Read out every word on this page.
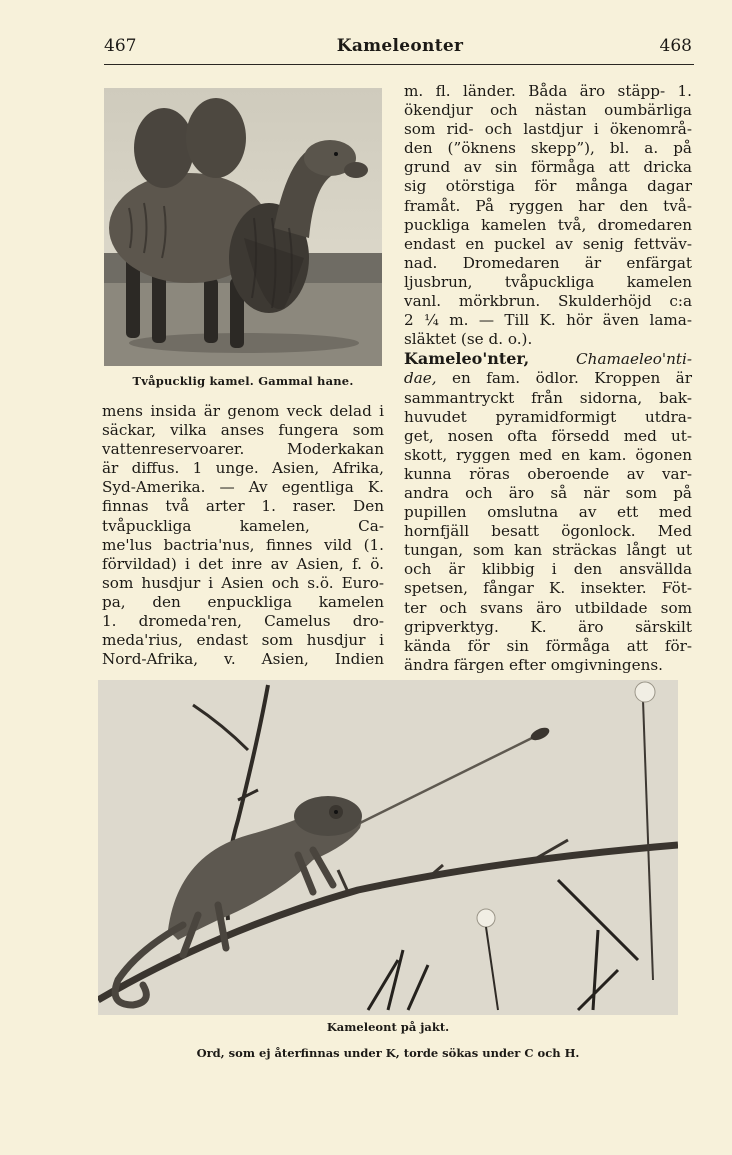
467	Kameleonter	468
Tvåpucklig kamel. Gammal hane.
mens insida är genom veck delad i
säckar, vilka anses fungera som
vattenreservoarer. Moderkakan
är diffus. 1 unge. Asien, Afrika,
Syd-Amerika. — Av egentliga K.
finnas två arter 1. raser. Den
tvåpuckliga kamelen, Ca-
me'lus bactria'nus, finnes vild (1.
förvildad) i det inre av Asien, f. ö.
som husdjur i Asien och s.ö. Euro-
pa, den enpuckliga kamelen
1. dromeda'ren, Camelus dro-
meda'rius, endast som husdjur i
Nord-Afrika, v. Asien, Indien
m. fl. länder. Båda äro stäpp- 1.
ökendjur och nästan oumbärliga
som rid- och lastdjur i ökenområ-
den (”öknens skepp”), bl. a. på
grund av sin förmåga att dricka
sig otörstiga för många dagar
framåt. På ryggen har den två-
puckliga kamelen två, dromedaren
endast en puckel av senig fettväv-
nad. Dromedaren är enfärgat
ljusbrun, tvåpuckliga kamelen
vanl. mörkbrun. Skulderhöjd c:a
2 ¼ m. — Till K. hör även lama-
släktet (se d. o.).
Kameleo'nter,	Chamaeleo'nti-
dae, en fam. ödlor. Kroppen är
sammantryckt från sidorna, bak-
huvudet pyramidformigt utdra-
get, nosen ofta försedd med ut-
skott, ryggen med en kam. ögonen
kunna röras oberoende av var-
andra och äro så när som på
pupillen omslutna av ett med
hornfjäll besatt ögonlock. Med
tungan, som kan sträckas långt ut
och är klibbig i den ansvällda
spetsen, fångar K. insekter. Föt-
ter och svans äro utbildade som
gripverktyg. K. äro särskilt
kända för sin förmåga att för-
ändra färgen efter omgivningens.
Kameleont på jakt.
Ord, som ej återfinnas under K, torde sökas under C och H.
